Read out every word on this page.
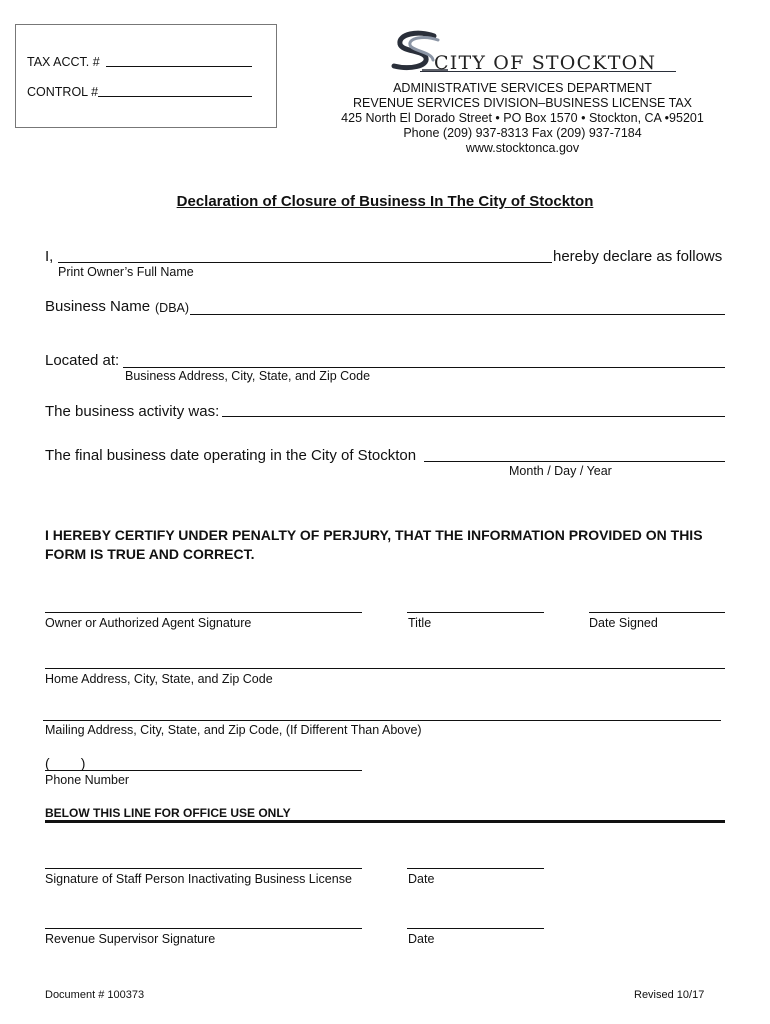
TAX ACCT. #
CONTROL #
CITY OF STOCKTON
ADMINISTRATIVE SERVICES DEPARTMENT
REVENUE SERVICES DIVISION–BUSINESS LICENSE TAX
425 North El Dorado Street • PO Box 1570 • Stockton, CA •95201
Phone (209) 937-8313 Fax (209) 937-7184
www.stocktonca.gov
Declaration of Closure of Business In The City of Stockton
I,	hereby declare as follows
Print Owner’s Full Name
Business Name (DBA)
Located at:
Business Address, City, State, and Zip Code
The business activity was:
The final business date operating in the City of Stockton
Month / Day / Year
I HEREBY CERTIFY UNDER PENALTY OF PERJURY, THAT THE INFORMATION PROVIDED ON THIS FORM IS TRUE AND CORRECT.
Owner or Authorized Agent Signature	Title	Date Signed
Home Address, City, State, and Zip Code
Mailing Address, City, State, and Zip Code, (If Different Than Above)
(        )
Phone Number
BELOW THIS LINE FOR OFFICE USE ONLY
Signature of Staff Person Inactivating Business License	Date
Revenue Supervisor Signature	Date
Document # 100373	Revised 10/17
